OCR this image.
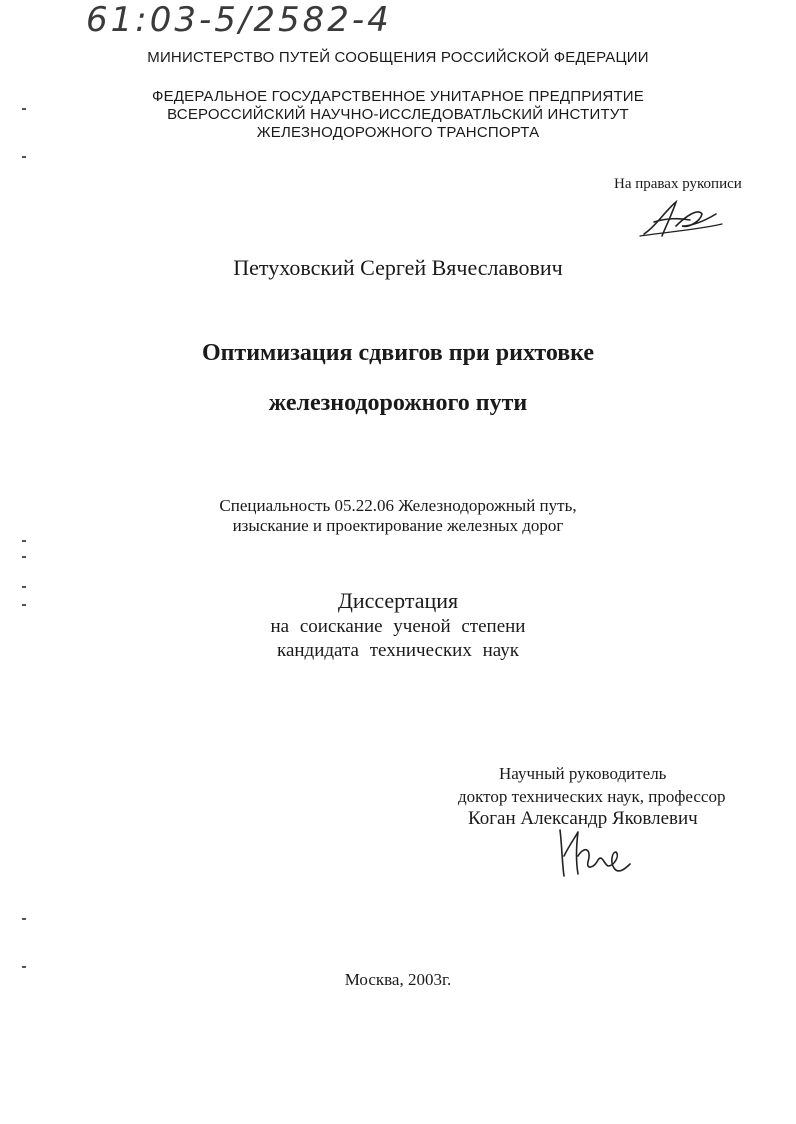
61:03-5/2582-4
МИНИСТЕРСТВО ПУТЕЙ СООБЩЕНИЯ РОССИЙСКОЙ ФЕДЕРАЦИИ
ФЕДЕРАЛЬНОЕ ГОСУДАРСТВЕННОЕ УНИТАРНОЕ ПРЕДПРИЯТИЕ
ВСЕРОССИЙСКИЙ НАУЧНО-ИССЛЕДОВАТЛЬСКИЙ ИНСТИТУТ
ЖЕЛЕЗНОДОРОЖНОГО ТРАНСПОРТА
На правах рукописи
Петуховский Сергей Вячеславович
Оптимизация сдвигов при рихтовке
железнодорожного пути
Специальность 05.22.06 Железнодорожный путь,
изыскание и проектирование железных дорог
Диссертация
на соискание ученой степени
кандидата технических наук
Научный руководитель
доктор технических наук, профессор
Коган Александр Яковлевич
Москва, 2003г.
